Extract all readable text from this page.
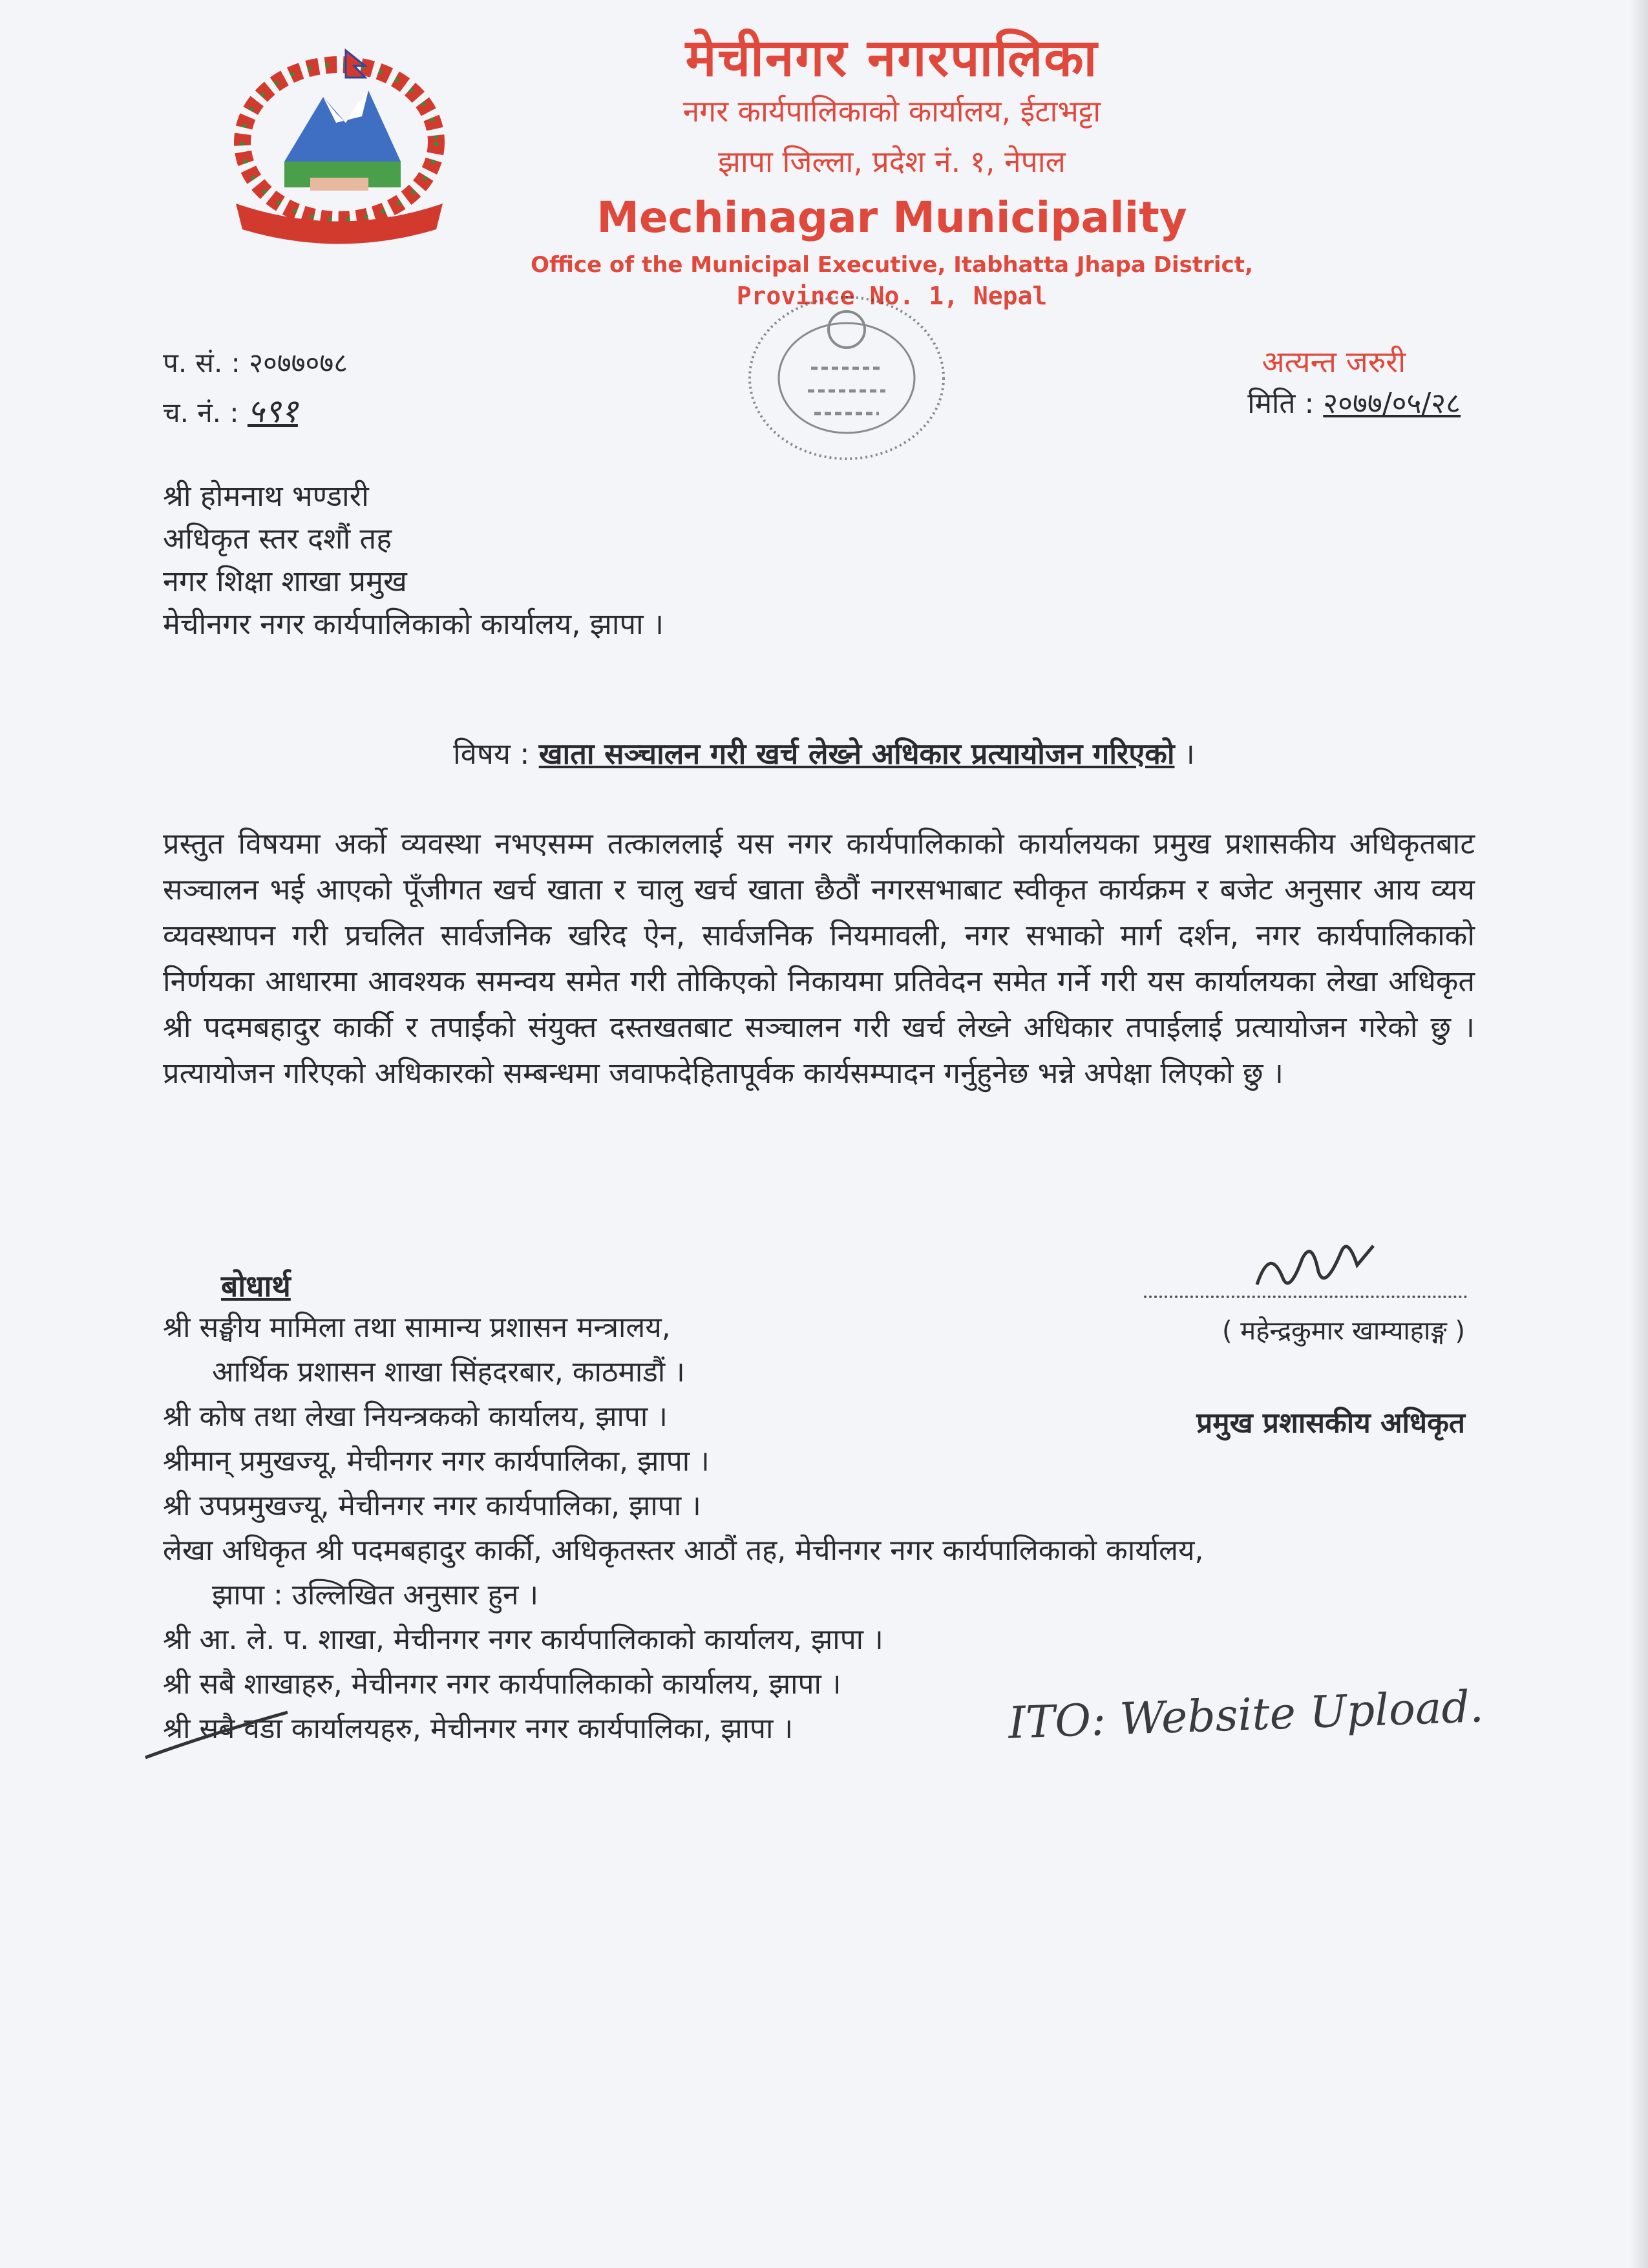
मेचीनगर नगरपालिका
नगर कार्यपालिकाको कार्यालय, ईटाभट्टा
झापा जिल्ला, प्रदेश नं. १, नेपाल
Mechinagar Municipality
Office of the Municipal Executive, Itabhatta Jhapa District,
Province No. 1, Nepal
प. सं. : २०७७०७८
च. नं. : ५९१
अत्यन्त जरुरी
मिति : २०७७/०५/२८
श्री होमनाथ भण्डारी
अधिकृत स्तर दशौं तह
नगर शिक्षा शाखा प्रमुख
मेचीनगर नगर कार्यपालिकाको कार्यालय, झापा ।
विषय : खाता सञ्चालन गरी खर्च लेख्ने अधिकार प्रत्यायोजन गरिएको ।
प्रस्तुत विषयमा अर्को व्यवस्था नभएसम्म तत्काललाई यस नगर कार्यपालिकाको कार्यालयका प्रमुख प्रशासकीय अधिकृतबाट सञ्चालन भई आएको पूँजीगत खर्च खाता र चालु खर्च खाता छैठौं नगरसभाबाट स्वीकृत कार्यक्रम र बजेट अनुसार आय व्यय व्यवस्थापन गरी प्रचलित सार्वजनिक खरिद ऐन, सार्वजनिक नियमावली, नगर सभाको मार्ग दर्शन, नगर कार्यपालिकाको निर्णयका आधारमा आवश्यक समन्वय समेत गरी तोकिएको निकायमा प्रतिवेदन समेत गर्ने गरी यस कार्यालयका लेखा अधिकृत श्री पदमबहादुर कार्की र तपाईंको संयुक्त दस्तखतबाट सञ्चालन गरी खर्च लेख्ने अधिकार तपाईलाई प्रत्यायोजन गरेको छु । प्रत्यायोजन गरिएको अधिकारको सम्बन्धमा जवाफदेहितापूर्वक कार्यसम्पादन गर्नुहुनेछ भन्ने अपेक्षा लिएको छु ।
( महेन्द्रकुमार खाम्याहाङ्ग )
प्रमुख प्रशासकीय अधिकृत
बोधार्थ
श्री सङ्घीय मामिला तथा सामान्य प्रशासन मन्त्रालय,
आर्थिक प्रशासन शाखा सिंहदरबार, काठमाडौं ।
श्री कोष तथा लेखा नियन्त्रकको कार्यालय, झापा ।
श्रीमान् प्रमुखज्यू, मेचीनगर नगर कार्यपालिका, झापा ।
श्री उपप्रमुखज्यू, मेचीनगर नगर कार्यपालिका, झापा ।
लेखा अधिकृत श्री पदमबहादुर कार्की, अधिकृतस्तर आठौं तह, मेचीनगर नगर कार्यपालिकाको कार्यालय,
झापा : उल्लिखित अनुसार हुन ।
श्री आ. ले. प. शाखा, मेचीनगर नगर कार्यपालिकाको कार्यालय, झापा ।
श्री सबै शाखाहरु, मेचीनगर नगर कार्यपालिकाको कार्यालय, झापा ।
श्री सबै वडा कार्यालयहरु, मेचीनगर नगर कार्यपालिका, झापा ।	ITO: Website Upload.
